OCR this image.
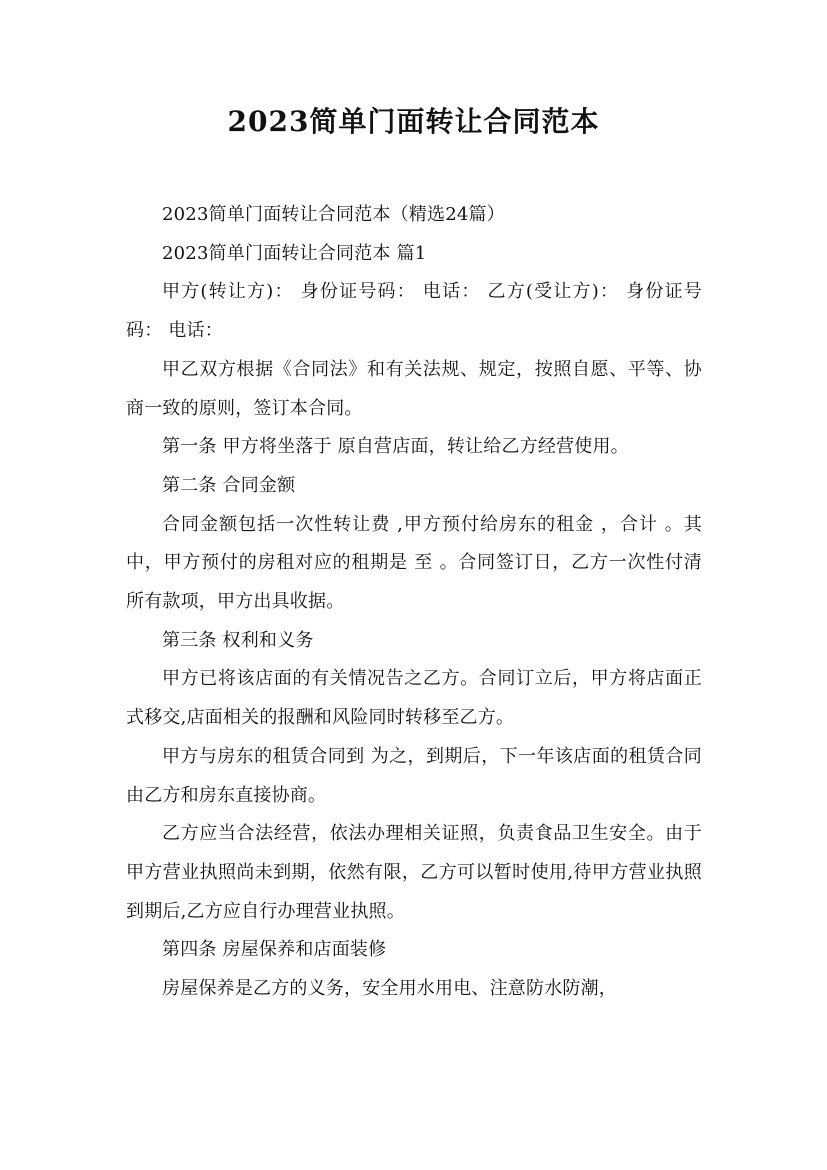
2023简单门面转让合同范本

2023简单门面转让合同范本（精选24篇）

2023简单门面转让合同范本 篇1

甲方(转让方)： 身份证号码： 电话： 乙方(受让方)： 身份证号码： 电话：

甲乙双方根据《合同法》和有关法规、规定，按照自愿、平等、协商一致的原则，签订本合同。

第一条 甲方将坐落于 原自营店面，转让给乙方经营使用。

第二条 合同金额

合同金额包括一次性转让费 ,甲方预付给房东的租金 ，合计 。其中，甲方预付的房租对应的租期是 至 。合同签订日，乙方一次性付清所有款项，甲方出具收据。

第三条 权利和义务

甲方已将该店面的有关情况告之乙方。合同订立后，甲方将店面正式移交,店面相关的报酬和风险同时转移至乙方。

甲方与房东的租赁合同到 为之，到期后，下一年该店面的租赁合同由乙方和房东直接协商。

乙方应当合法经营，依法办理相关证照，负责食品卫生安全。由于甲方营业执照尚未到期，依然有限，乙方可以暂时使用,待甲方营业执照到期后,乙方应自行办理营业执照。

第四条 房屋保养和店面装修

房屋保养是乙方的义务，安全用水用电、注意防水防潮，
